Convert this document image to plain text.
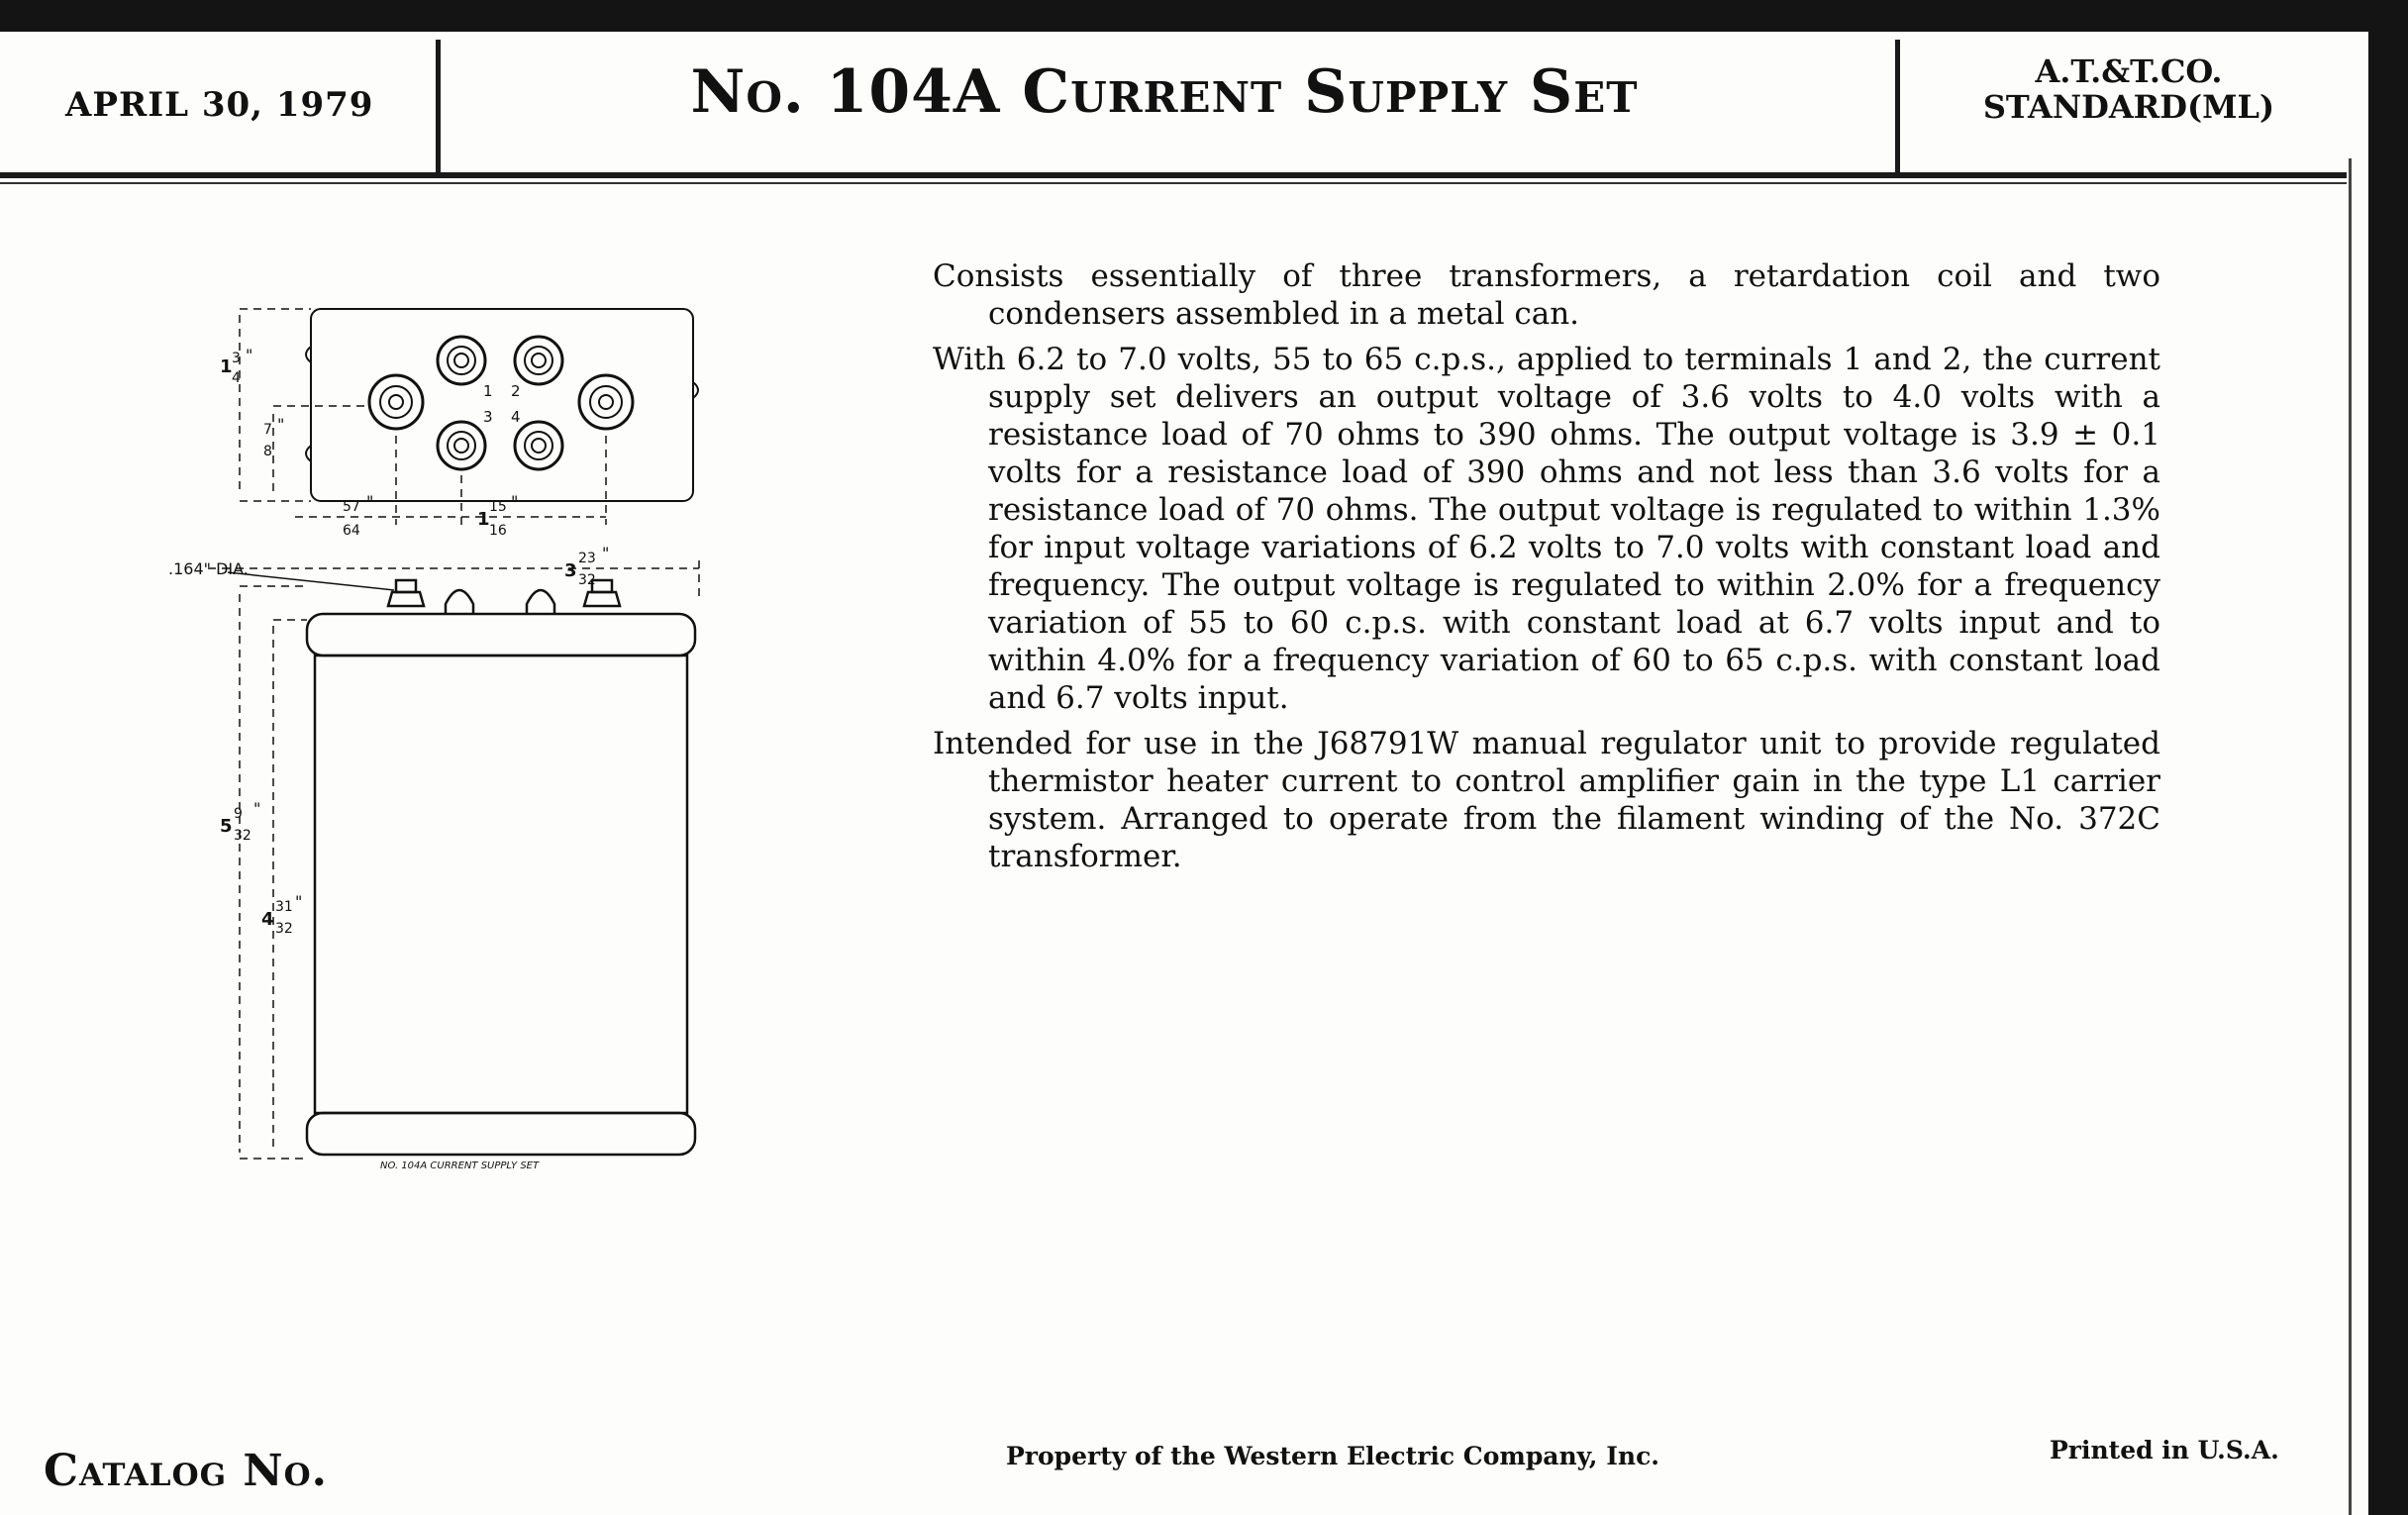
APRIL 30, 1979	No. 104A Current Supply Set	A.T.&T.CO.
STANDARD(ML)
1 3
4
"
7
8
"
57
64
"
1
15
16
"
.164" DIA.	3
23
32
"
5
9
32
"
4
31
32
"
1 2
3 4
NO. 104A CURRENT SUPPLY SET

Consists essentially of three transformers, a retardation coil and two condensers assembled in a metal can.

With 6.2 to 7.0 volts, 55 to 65 c.p.s., applied to terminals 1 and 2, the current supply set delivers an output voltage of 3.6 volts to 4.0 volts with a resistance load of 70 ohms to 390 ohms. The output voltage is 3.9 ± 0.1 volts for a resistance load of 390 ohms and not less than 3.6 volts for a resistance load of 70 ohms. The output voltage is regulated to within 1.3% for input voltage variations of 6.2 volts to 7.0 volts with constant load and frequency. The output voltage is regulated to within 2.0% for a frequency variation of 55 to 60 c.p.s. with constant load at 6.7 volts input and to within 4.0% for a frequency variation of 60 to 65 c.p.s. with constant load and 6.7 volts input.

Intended for use in the J68791W manual regulator unit to provide regulated thermistor heater current to control amplifier gain in the type L1 carrier system. Arranged to operate from the filament winding of the No. 372C transformer.

Catalog No.	Property of the Western Electric Company, Inc.	Printed in U.S.A.
